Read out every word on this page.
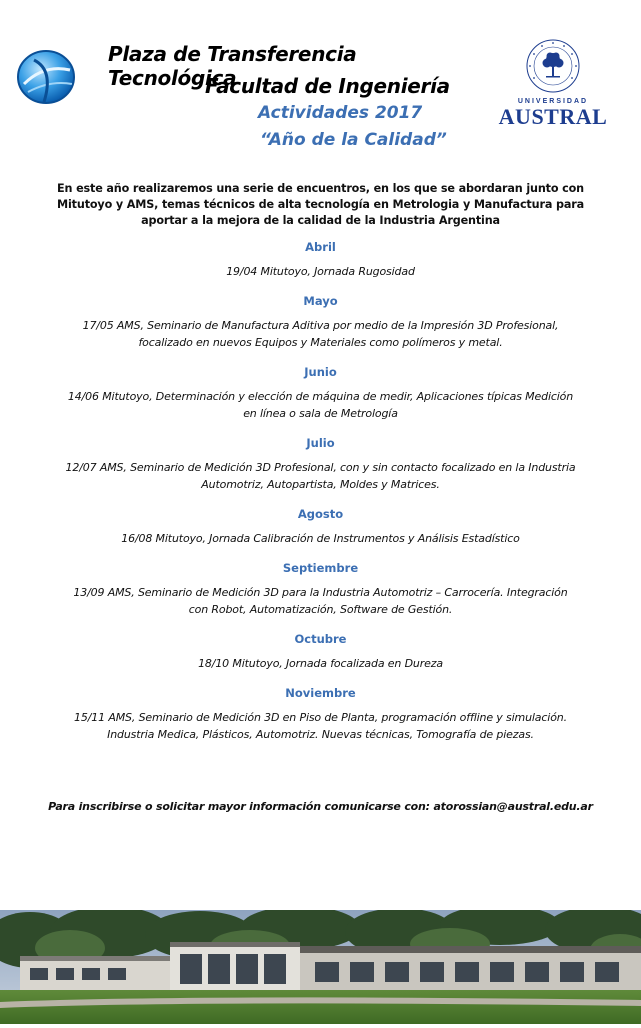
Plaza de Transferencia Tecnológica
Facultad de Ingeniería
Actividades 2017
“Año de la Calidad”
UNIVERSIDAD
AUSTRAL
En este año realizaremos una serie de encuentros, en los que se abordaran junto con Mitutoyo y AMS, temas técnicos de alta tecnología en Metrologia y Manufactura para aportar a la mejora de la calidad de la Industria Argentina
Abril
19/04 Mitutoyo, Jornada Rugosidad
Mayo
17/05 AMS, Seminario de Manufactura Aditiva por medio de la Impresión 3D Profesional,
focalizado en nuevos Equipos y Materiales como polímeros y metal.
Junio
14/06 Mitutoyo, Determinación y elección de máquina de medir, Aplicaciones típicas Medición
en línea o sala de Metrología
Julio
12/07 AMS, Seminario de Medición 3D Profesional, con y sin contacto focalizado en la Industria
Automotriz, Autopartista, Moldes y Matrices.
Agosto
16/08 Mitutoyo, Jornada Calibración de Instrumentos y Análisis Estadístico
Septiembre
13/09 AMS, Seminario de Medición 3D para la Industria Automotriz – Carrocería. Integración
con Robot, Automatización, Software de Gestión.
Octubre
18/10 Mitutoyo, Jornada focalizada en Dureza
Noviembre
15/11 AMS, Seminario de Medición 3D en Piso de Planta, programación offline y simulación.
Industria Medica, Plásticos, Automotriz. Nuevas técnicas, Tomografía de piezas.
Para inscribirse o solicitar mayor información comunicarse con: atorossian@austral.edu.ar
